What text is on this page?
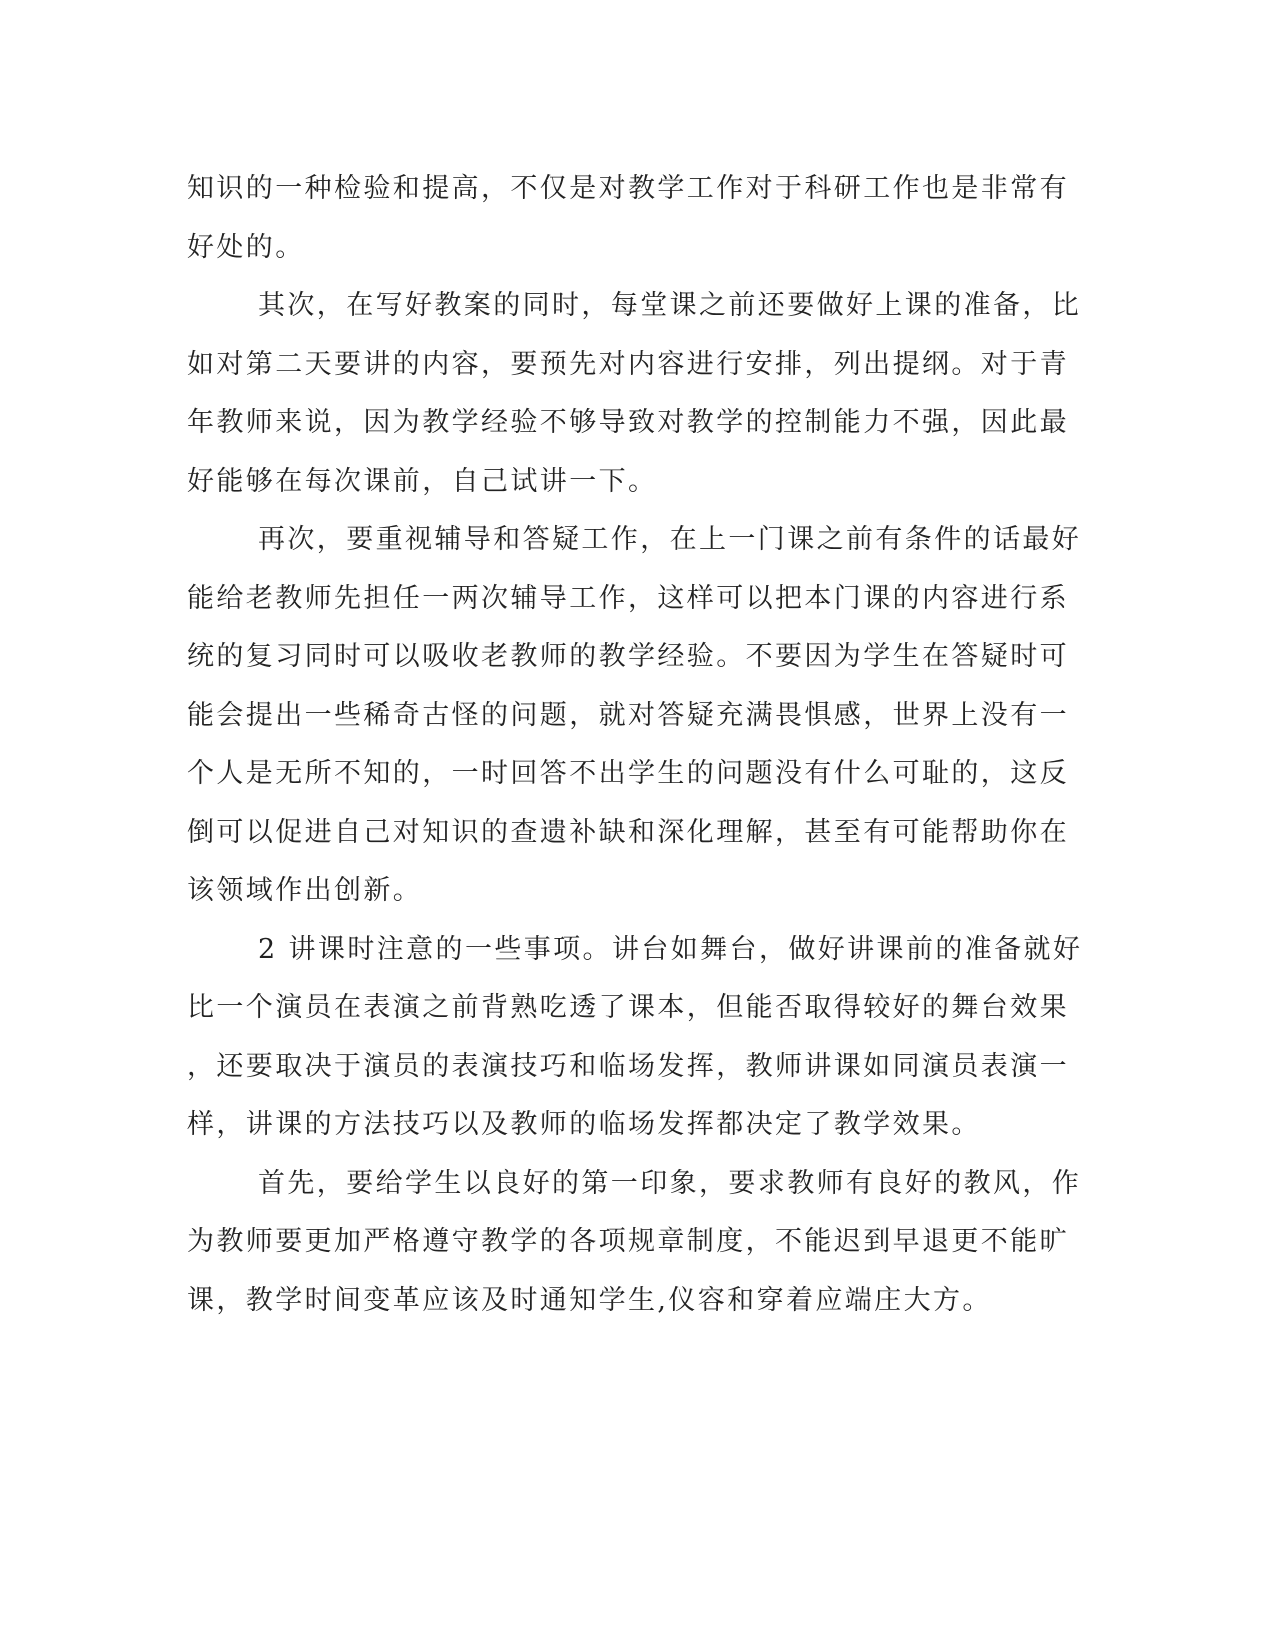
知识的一种检验和提高，不仅是对教学工作对于科研工作也是非常有
好处的。
其次，在写好教案的同时，每堂课之前还要做好上课的准备，比
如对第二天要讲的内容，要预先对内容进行安排，列出提纲。对于青
年教师来说，因为教学经验不够导致对教学的控制能力不强，因此最
好能够在每次课前，自己试讲一下。
再次，要重视辅导和答疑工作，在上一门课之前有条件的话最好
能给老教师先担任一两次辅导工作，这样可以把本门课的内容进行系
统的复习同时可以吸收老教师的教学经验。不要因为学生在答疑时可
能会提出一些稀奇古怪的问题，就对答疑充满畏惧感，世界上没有一
个人是无所不知的，一时回答不出学生的问题没有什么可耻的，这反
倒可以促进自己对知识的查遗补缺和深化理解，甚至有可能帮助你在
该领域作出创新。
2 讲课时注意的一些事项。讲台如舞台，做好讲课前的准备就好
比一个演员在表演之前背熟吃透了课本，但能否取得较好的舞台效果
，还要取决于演员的表演技巧和临场发挥，教师讲课如同演员表演一
样，讲课的方法技巧以及教师的临场发挥都决定了教学效果。
首先，要给学生以良好的第一印象，要求教师有良好的教风，作
为教师要更加严格遵守教学的各项规章制度，不能迟到早退更不能旷
课，教学时间变革应该及时通知学生,仪容和穿着应端庄大方。
